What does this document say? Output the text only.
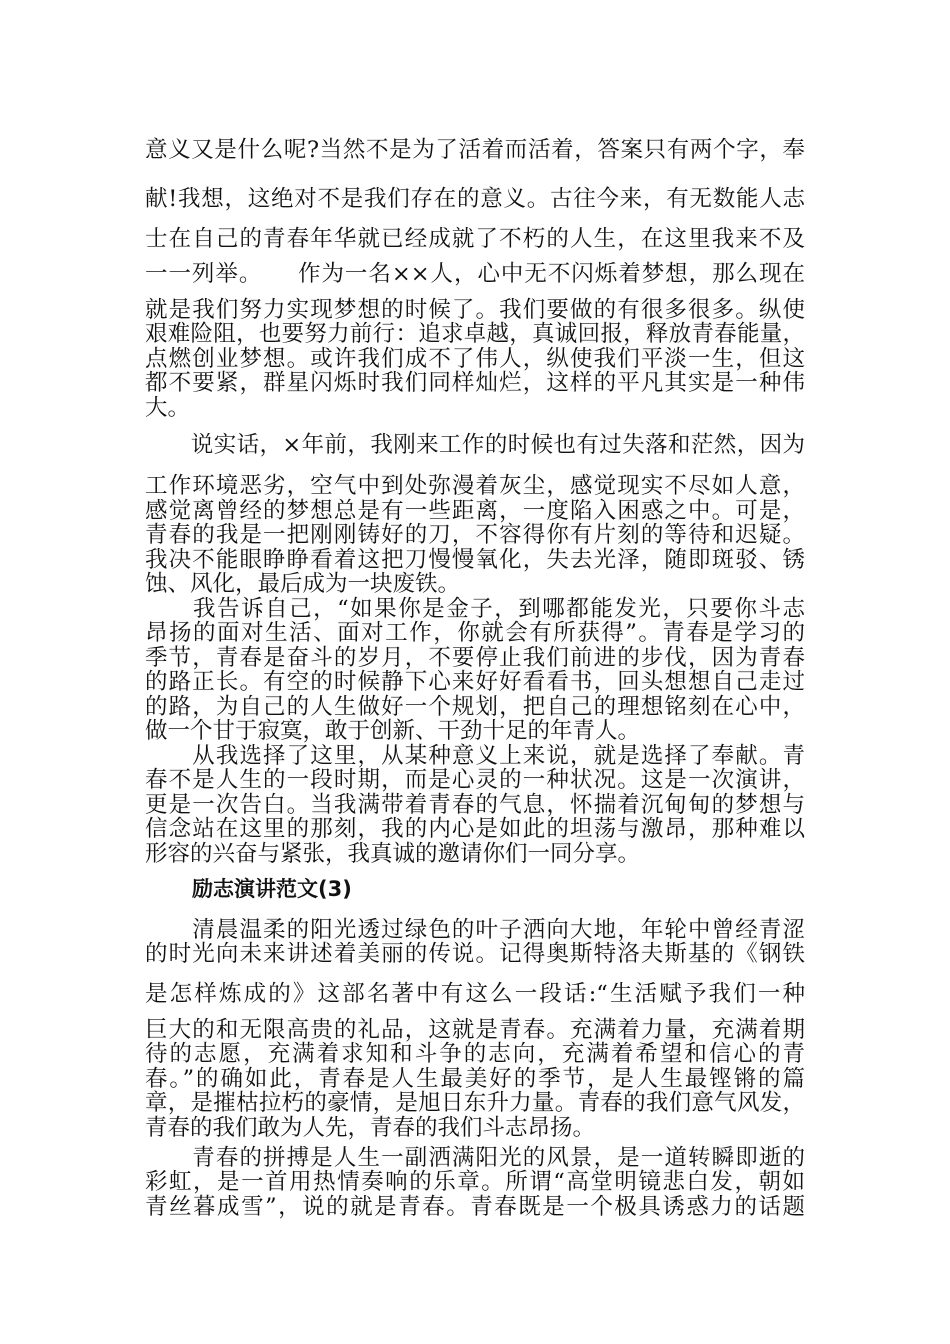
意义又是什么呢?当然不是为了活着而活着，答案只有两个字，奉
献!我想，这绝对不是我们存在的意义。古往今来，有无数能人志
士在自己的青春年华就已经成就了不朽的人生，在这里我来不及
一一列举。　　作为一名××人，心中无不闪烁着梦想，那么现在
就是我们努力实现梦想的时候了。我们要做的有很多很多。纵使
艰难险阻，也要努力前行：追求卓越，真诚回报，释放青春能量，
点燃创业梦想。或许我们成不了伟人，纵使我们平淡一生，但这
都不要紧，群星闪烁时我们同样灿烂，这样的平凡其实是一种伟
大。
　　说实话，×年前，我刚来工作的时候也有过失落和茫然，因为
工作环境恶劣，空气中到处弥漫着灰尘，感觉现实不尽如人意，
感觉离曾经的梦想总是有一些距离，一度陷入困惑之中。可是，
青春的我是一把刚刚铸好的刀，不容得你有片刻的等待和迟疑。
我决不能眼睁睁看着这把刀慢慢氧化，失去光泽，随即斑驳、锈
蚀、风化，最后成为一块废铁。
　　我告诉自己，“如果你是金子，到哪都能发光，只要你斗志
昂扬的面对生活、面对工作，你就会有所获得”。青春是学习的
季节，青春是奋斗的岁月，不要停止我们前进的步伐，因为青春
的路正长。有空的时候静下心来好好看看书，回头想想自己走过
的路，为自己的人生做好一个规划，把自己的理想铭刻在心中，
做一个甘于寂寞，敢于创新、干劲十足的年青人。
　　从我选择了这里，从某种意义上来说，就是选择了奉献。青
春不是人生的一段时期，而是心灵的一种状况。这是一次演讲，
更是一次告白。当我满带着青春的气息，怀揣着沉甸甸的梦想与
信念站在这里的那刻，我的内心是如此的坦荡与激昂，那种难以
形容的兴奋与紧张，我真诚的邀请你们一同分享。
励志演讲范文(3)
　　清晨温柔的阳光透过绿色的叶子洒向大地，年轮中曾经青涩
的时光向未来讲述着美丽的传说。记得奥斯特洛夫斯基的《钢铁
是怎样炼成的》这部名著中有这么一段话:“生活赋予我们一种
巨大的和无限高贵的礼品，这就是青春。充满着力量，充满着期
待的志愿，充满着求知和斗争的志向，充满着希望和信心的青
春。”的确如此，青春是人生最美好的季节，是人生最铿锵的篇
章，是摧枯拉朽的豪情，是旭日东升力量。青春的我们意气风发，
青春的我们敢为人先，青春的我们斗志昂扬。
　　青春的拼搏是人生一副洒满阳光的风景，是一道转瞬即逝的
彩虹，是一首用热情奏响的乐章。所谓“高堂明镜悲白发，朝如
青丝暮成雪”，说的就是青春。青春既是一个极具诱惑力的话题
